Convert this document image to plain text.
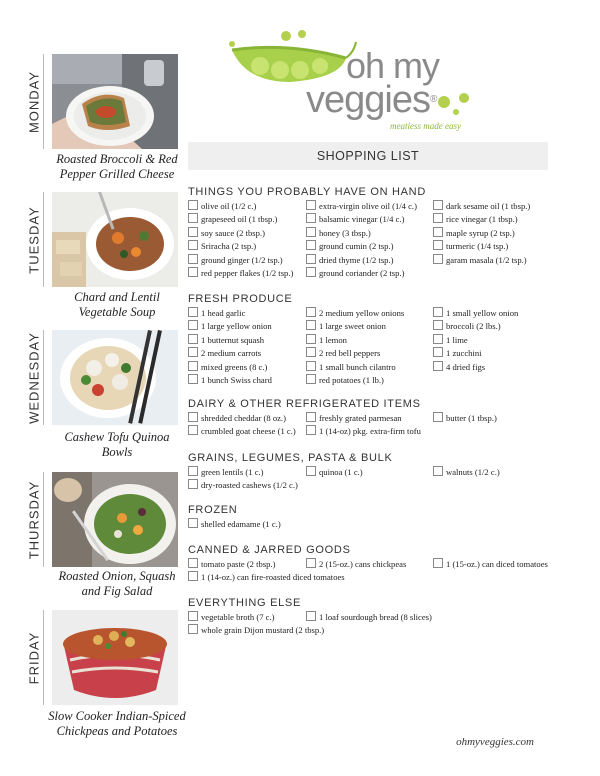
MONDAY
Roasted Broccoli & Red
Pepper Grilled Cheese
TUESDAY
Chard and Lentil
Vegetable Soup
WEDNESDAY
Cashew Tofu Quinoa
Bowls
THURSDAY
Roasted Onion, Squash
and Fig Salad
FRIDAY
Slow Cooker Indian-Spiced
Chickpeas and Potatoes
oh my
veggies®
meatless made easy
SHOPPING LIST
THINGS YOU PROBABLY HAVE ON HAND
olive oil (1/2 c.)
grapeseed oil (1 tbsp.)
soy sauce (2 tbsp.)
Sriracha (2 tsp.)
ground ginger (1/2 tsp.)
red pepper flakes (1/2 tsp.)
extra-virgin olive oil (1/4 c.)
balsamic vinegar (1/4 c.)
honey (3 tbsp.)
ground cumin (2 tsp.)
dried thyme (1/2 tsp.)
ground coriander (2 tsp.)
dark sesame oil (1 tbsp.)
rice vinegar (1 tbsp.)
maple syrup (2 tsp.)
turmeric (1/4 tsp.)
garam masala (1/2 tsp.)
FRESH PRODUCE
1 head garlic
1 large yellow onion
1 butternut squash
2 medium carrots
mixed greens (8 c.)
1 bunch Swiss chard
2 medium yellow onions
1 large sweet onion
1 lemon
2 red bell peppers
1 small bunch cilantro
red potatoes (1 lb.)
1 small yellow onion
broccoli (2 lbs.)
1 lime
1 zucchini
4 dried figs
DAIRY & OTHER REFRIGERATED ITEMS
shredded cheddar (8 oz.)
crumbled goat cheese (1 c.)
freshly grated parmesan
1 (14-oz) pkg. extra-firm tofu
butter (1 tbsp.)
GRAINS, LEGUMES, PASTA & BULK
green lentils (1 c.)
dry-roasted cashews (1/2 c.)
quinoa (1 c.)	walnuts (1/2 c.)
FROZEN
shelled edamame (1 c.)
CANNED & JARRED GOODS
tomato paste (2 tbsp.)
1 (14-oz.) can fire-roasted diced tomatoes
2 (15-oz.) cans chickpeas	1 (15-oz.) can diced tomatoes
EVERYTHING ELSE
vegetable broth (7 c.)
whole grain Dijon mustard (2 tbsp.)
1 loaf sourdough bread (8 slices)
ohmyveggies.com
